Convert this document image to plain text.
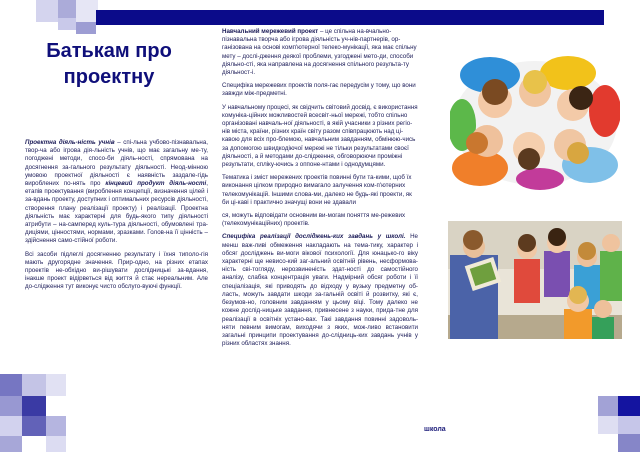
Батькам про
проектну

Проектна діяль-ність учнів – спі-льна учбово-пізнавальна, твор-ча або ігрова дія-льність учнів, що має загальну ме-ту, погоджені методи, спосо-би діяль-ності, спрямована на досягнення за-гального результату діяльності. Неод-мінною умовою проектної діяльності є наявність заздале-гідь вироблених по-нять про кінцевий продукт діяль-ності, етапів проектування (вироблення концепції, визначення цілей і за-вдань проекту, доступних і оптимальних ресурсів діяльності, створення плану реалізації проекту) і реалізації. Проектна діяльність має характерні для будь-якого типу діяльності атрибути – на-самперед куль-тура діяльності, обумовлені тра-диціями, цінностями, нормами, зразками. Голов-на її цінність – здійснення само-стійної роботи.

Всі засоби підлеглі досягненню результату і їхня типоло-гія мають другорядне значення. Прир-одно, на різних етапах проектів не-обхідно ви-рішувати дослідницькі за-вдання, інакше проект відірветься від життя й стає нереальним. Але до-слідження тут виконує чисто обслуго-вуючі функції.

Навчальний мережевий проект – це спільна на-вчально-пізнавальна творча або ігрова діяльність уч-нів-партнерів, ор-ганізована на основі комп'ютерної телеко-мунікації, яка має спільну мету – дослі-дження деякої проблеми, узгоджені мето-ди, способи діяльно-сті, яка направлена на досягнення спільного результа-ту діяльност-і.

Специфіка мережевих проектів поля-гає передусім у тому, що вони завжди між-предметні.

У навчальному процесі, як свідчить світовий досвід, є використання комуніка-ційних можливостей всесвіт-ньої мережі, тобто спільно організовані навчаль-ної діяльності, в якій учасники з різних регіо-нів міста, країни, різних країн світу разом співпрацюють над ці-кавою для всіх про-блемою, навчальним завданням, обмінюю-чись за допомогою швидкодіючої мережі не тільки результатами своєї діяльності, а й методами до-слідження, обговорюючи проміжні результати, спліку-ючись з оппоне-нтами і однодумцями.

Тематика і зміст мережених проектів повинні бути та-кими, щоб їх виконання цілком природно вимагало залучення ком-п'ютерних телекомунікацій. Іншими слова-ми, далеко не будь-які проекти, як би ці-каві і практично значущі вони не здавали

ся, можуть відповідати основним ви-могам поняття ме-режевих (телекомунікаційних) проектів.

Специфіка реалізації досліджень-ких завдань у школі. Не менш важ-ливі обмеження накладають на тема-тику, характер і обсяг досліджень ви-моги вікової психології. Для юнацько-го віку характерні ще невисо-кий заг-альний освітній рівень, несформова-ність сві-тогляду, нерозвиненість здат-ності до самостійного аналізу, слабка концентрація уваги. Надмірний обсяг роботи і її спеціалізація, які приводять до відходу у вузьку предметну об-ласть, можуть завдати шкоди за-гальній освіті й розвитку, які є, безумов-но, головним завданням у цьому віці. Тому далеко не кожне дослід-ницьке завдання, привнесене з науки, прида-тне для реалізації в освітніх устано-вах. Такі завдання повинні задоволь-няти певним вимогам, виходячи з яких, мож-ливо встановити загальні принципи проектування до-слідниць-ких завдань учнів у різних областях знання.

школа
